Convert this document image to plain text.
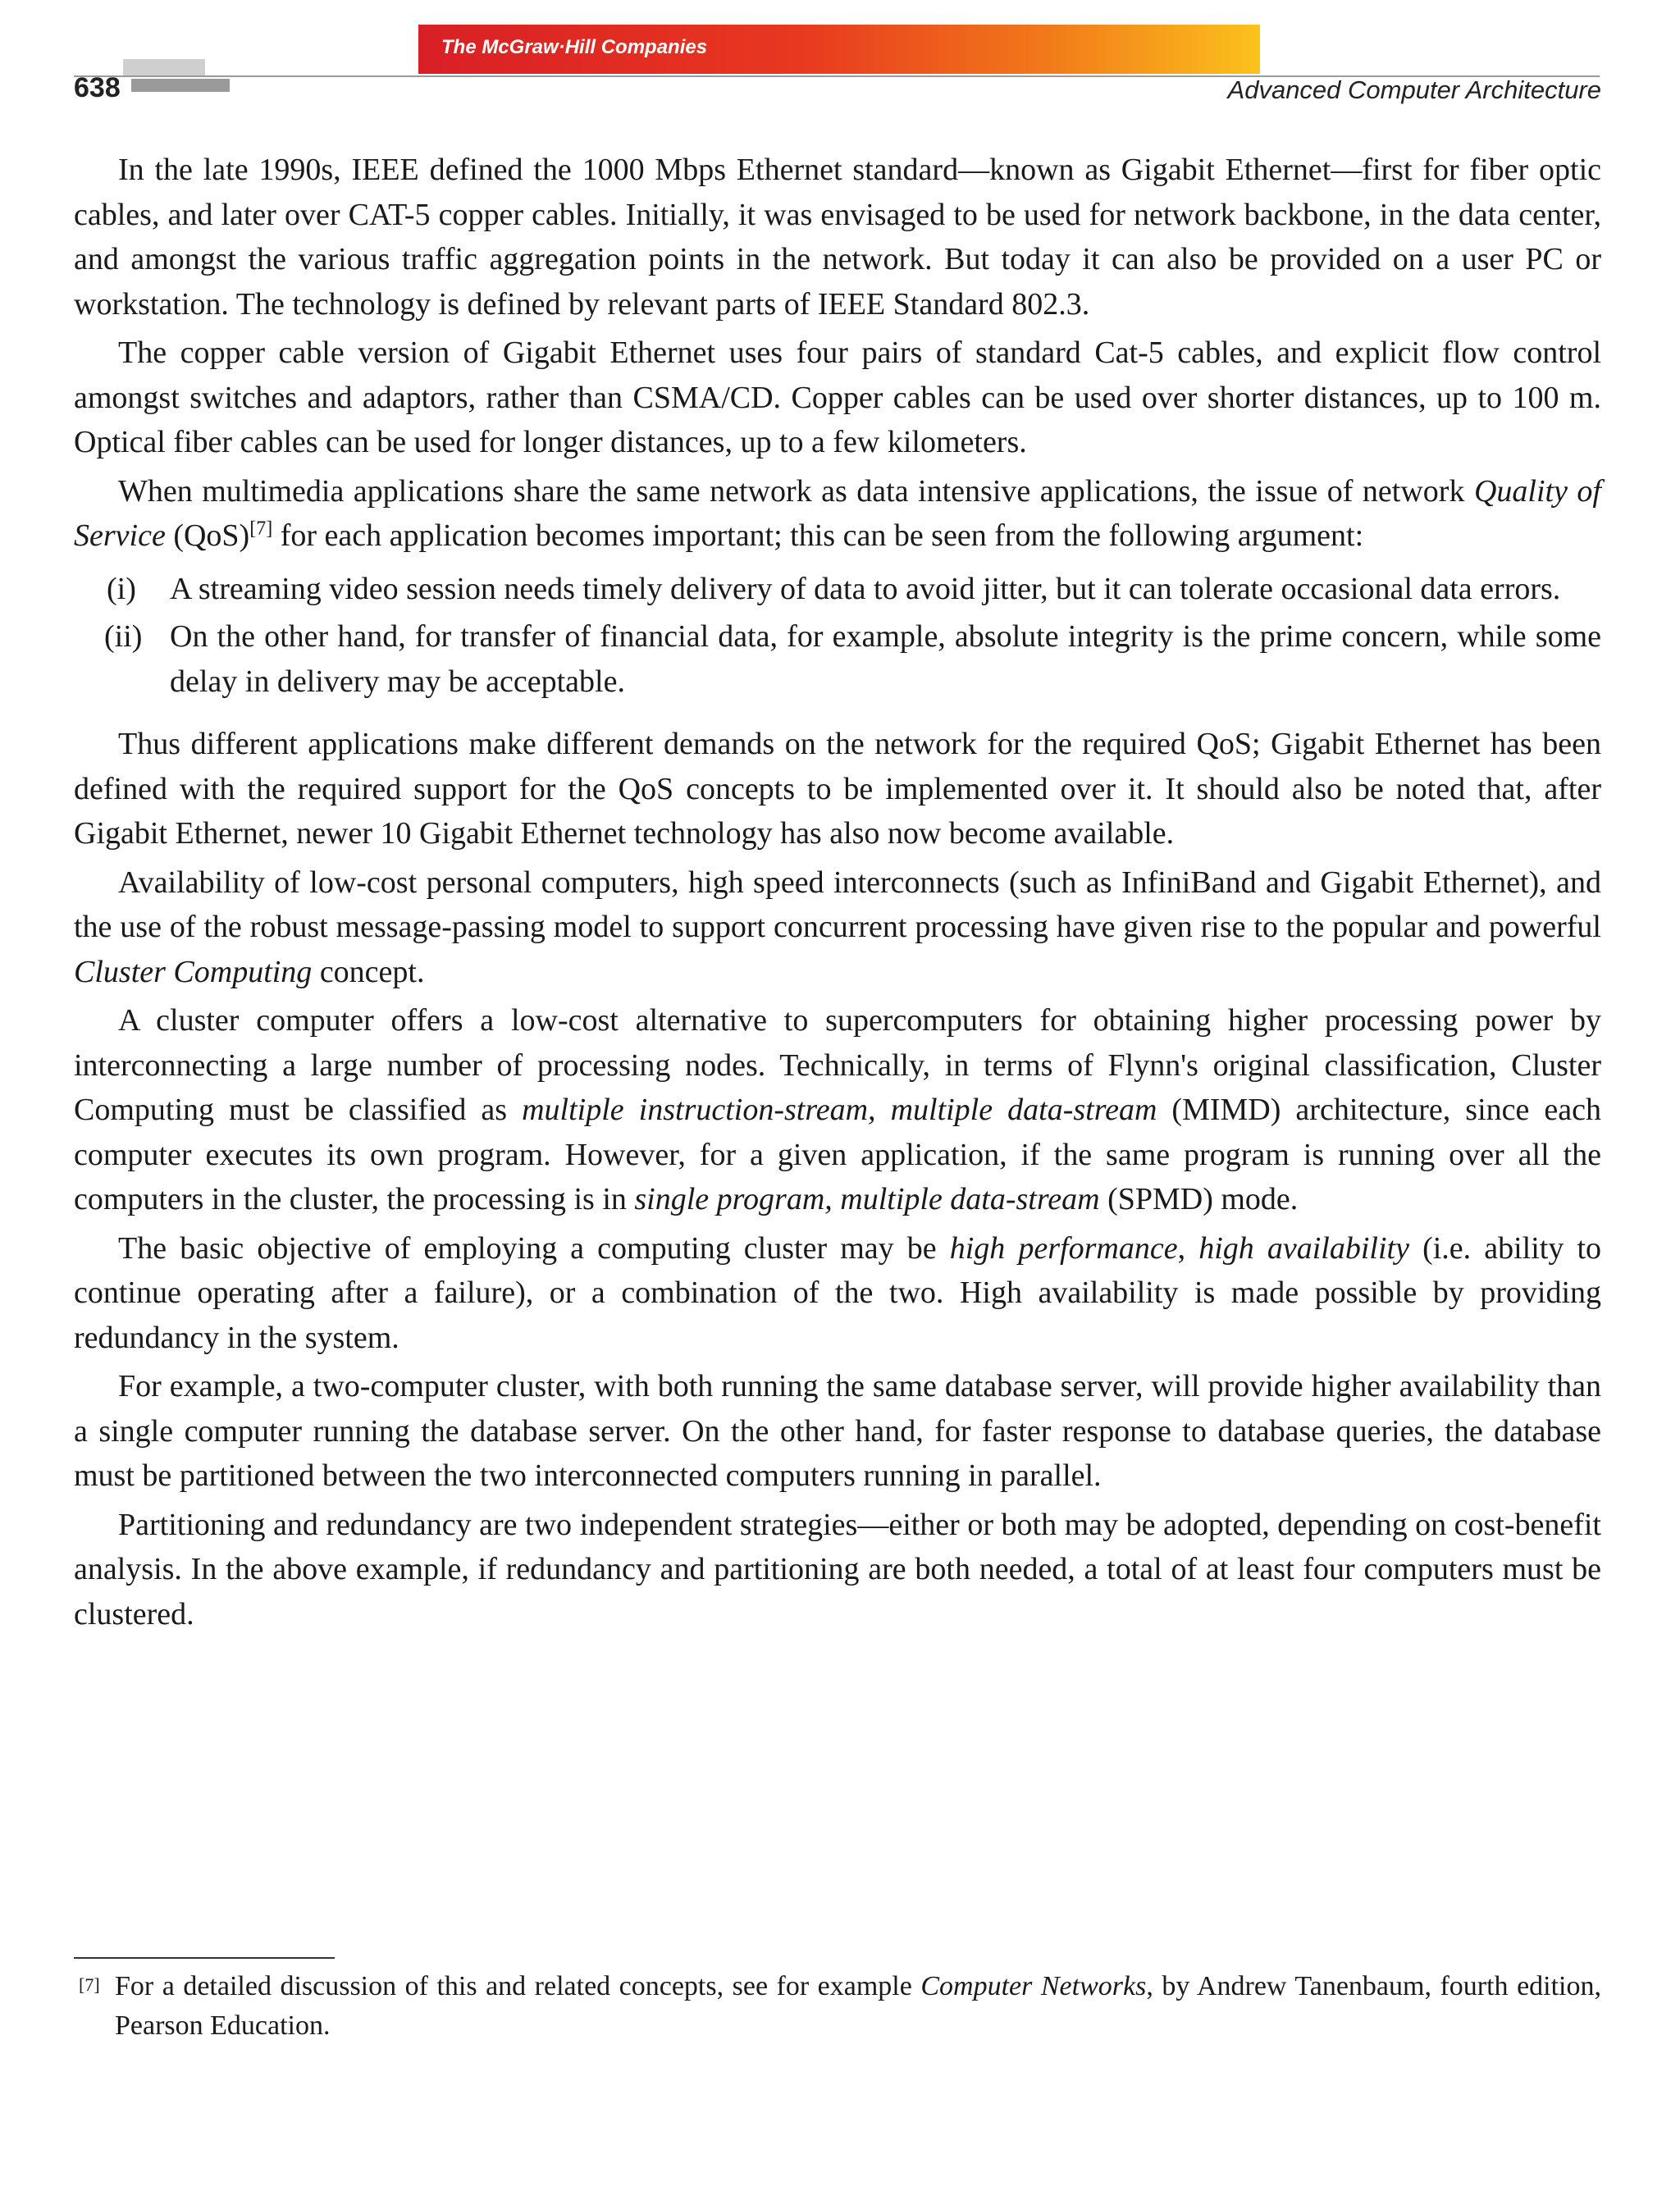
638
The McGraw·Hill Companies
Advanced Computer Architecture

In the late 1990s, IEEE defined the 1000 Mbps Ethernet standard—known as Gigabit Ethernet—first for fiber optic cables, and later over CAT-5 copper cables. Initially, it was envisaged to be used for network backbone, in the data center, and amongst the various traffic aggregation points in the network. But today it can also be provided on a user PC or workstation. The technology is defined by relevant parts of IEEE Standard 802.3.

The copper cable version of Gigabit Ethernet uses four pairs of standard Cat-5 cables, and explicit flow control amongst switches and adaptors, rather than CSMA/CD. Copper cables can be used over shorter distances, up to 100 m. Optical fiber cables can be used for longer distances, up to a few kilometers.

When multimedia applications share the same network as data intensive applications, the issue of network Quality of Service (QoS)[7] for each application becomes important; this can be seen from the following argument:

(i) A streaming video session needs timely delivery of data to avoid jitter, but it can tolerate occasional data errors.
(ii) On the other hand, for transfer of financial data, for example, absolute integrity is the prime concern, while some delay in delivery may be acceptable.

Thus different applications make different demands on the network for the required QoS; Gigabit Ethernet has been defined with the required support for the QoS concepts to be implemented over it. It should also be noted that, after Gigabit Ethernet, newer 10 Gigabit Ethernet technology has also now become available.

Availability of low-cost personal computers, high speed interconnects (such as InfiniBand and Gigabit Ethernet), and the use of the robust message-passing model to support concurrent processing have given rise to the popular and powerful Cluster Computing concept.

A cluster computer offers a low-cost alternative to supercomputers for obtaining higher processing power by interconnecting a large number of processing nodes. Technically, in terms of Flynn's original classification, Cluster Computing must be classified as multiple instruction-stream, multiple data-stream (MIMD) architecture, since each computer executes its own program. However, for a given application, if the same program is running over all the computers in the cluster, the processing is in single program, multiple data-stream (SPMD) mode.

The basic objective of employing a computing cluster may be high performance, high availability (i.e. ability to continue operating after a failure), or a combination of the two. High availability is made possible by providing redundancy in the system.

For example, a two-computer cluster, with both running the same database server, will provide higher availability than a single computer running the database server. On the other hand, for faster response to database queries, the database must be partitioned between the two interconnected computers running in parallel.

Partitioning and redundancy are two independent strategies—either or both may be adopted, depending on cost-benefit analysis. In the above example, if redundancy and partitioning are both needed, a total of at least four computers must be clustered.

[7] For a detailed discussion of this and related concepts, see for example Computer Networks, by Andrew Tanenbaum, fourth edition, Pearson Education.
